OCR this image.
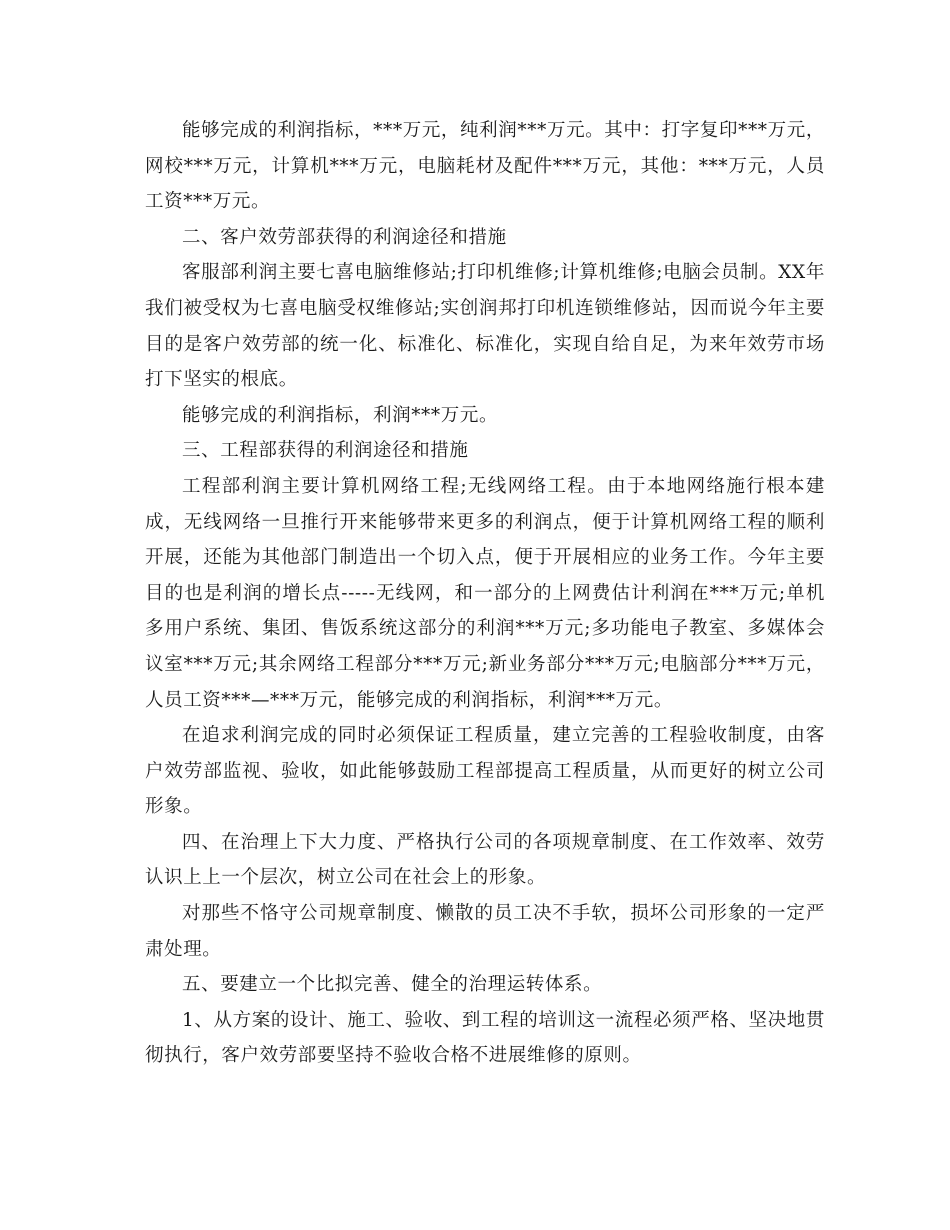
能够完成的利润指标，***万元，纯利润***万元。其中：打字复印***万元，网校***万元，计算机***万元，电脑耗材及配件***万元，其他：***万元，人员工资***万元。

二、客户效劳部获得的利润途径和措施

客服部利润主要七喜电脑维修站;打印机维修;计算机维修;电脑会员制。XX年我们被受权为七喜电脑受权维修站;实创润邦打印机连锁维修站，因而说今年主要目的是客户效劳部的统一化、标准化、标准化，实现自给自足，为来年效劳市场打下坚实的根底。

能够完成的利润指标，利润***万元。

三、工程部获得的利润途径和措施

工程部利润主要计算机网络工程;无线网络工程。由于本地网络施行根本建成，无线网络一旦推行开来能够带来更多的利润点，便于计算机网络工程的顺利开展，还能为其他部门制造出一个切入点，便于开展相应的业务工作。今年主要目的也是利润的增长点-----无线网，和一部分的上网费估计利润在***万元;单机多用户系统、集团、售饭系统这部分的利润***万元;多功能电子教室、多媒体会议室***万元;其余网络工程部分***万元;新业务部分***万元;电脑部分***万元，人员工资***—***万元，能够完成的利润指标，利润***万元。

在追求利润完成的同时必须保证工程质量，建立完善的工程验收制度，由客户效劳部监视、验收，如此能够鼓励工程部提高工程质量，从而更好的树立公司形象。

四、在治理上下大力度、严格执行公司的各项规章制度、在工作效率、效劳认识上上一个层次，树立公司在社会上的形象。

对那些不恪守公司规章制度、懒散的员工决不手软，损坏公司形象的一定严肃处理。

五、要建立一个比拟完善、健全的治理运转体系。

1、从方案的设计、施工、验收、到工程的培训这一流程必须严格、坚决地贯彻执行，客户效劳部要坚持不验收合格不进展维修的原则。
